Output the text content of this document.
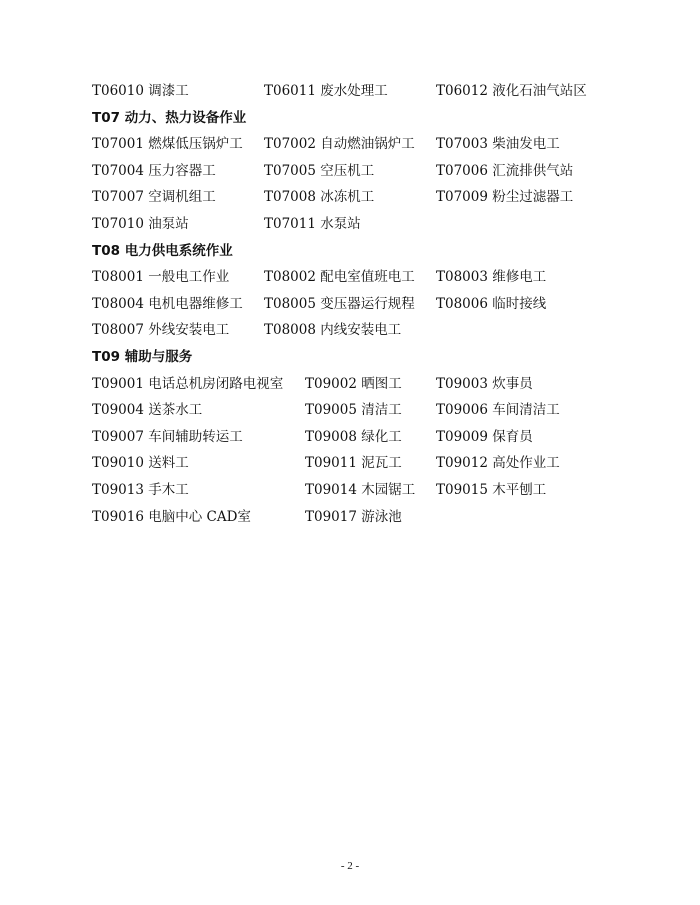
T06010 调漆工	T06011 废水处理工	T06012 液化石油气站区
T07 动力、热力设备作业
T07001 燃煤低压锅炉工 T07002 自动燃油锅炉工 T07003 柴油发电工
T07004 压力容器工	T07005 空压机工	T07006 汇流排供气站
T07007 空调机组工	T07008 冰冻机工	T07009 粉尘过滤器工
T07010 油泵站	T07011 水泵站
T08 电力供电系统作业
T08001 一般电工作业	T08002 配电室值班电工 T08003 维修电工
T08004 电机电器维修工 T08005 变压器运行规程 T08006 临时接线
T08007 外线安装电工	T08008 内线安装电工
T09 辅助与服务
T09001 电话总机房闭路电视室 T09002 晒图工	T09003 炊事员
T09004 送茶水工	T09005 清洁工	T09006 车间清洁工
T09007 车间辅助转运工	T09008 绿化工	T09009 保育员
T09010 送料工	T09011 泥瓦工	T09012 高处作业工
T09013 手木工	T09014 木园锯工 T09015 木平刨工
T09016 电脑中心 CAD室	T09017 游泳池
- 2 -
